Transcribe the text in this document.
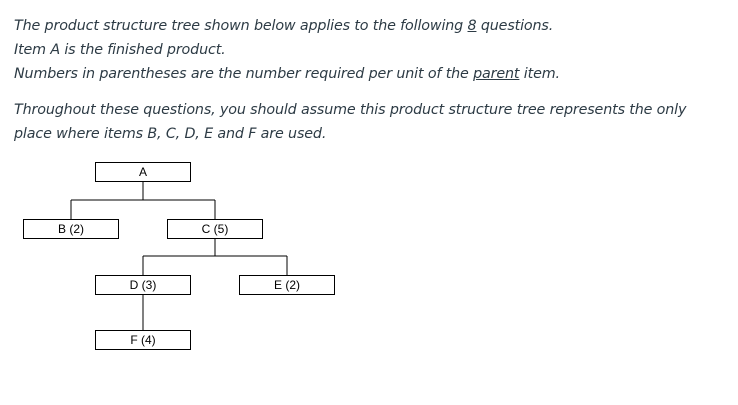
The product structure tree shown below applies to the following 8 questions.

Item A is the finished product.

Numbers in parentheses are the number required per unit of the parent item.

Throughout these questions, you should assume this product structure tree represents the only place where items B, C, D, E and F are used.

A
B (2)	C (5)
D (3)	E (2)
F (4)
